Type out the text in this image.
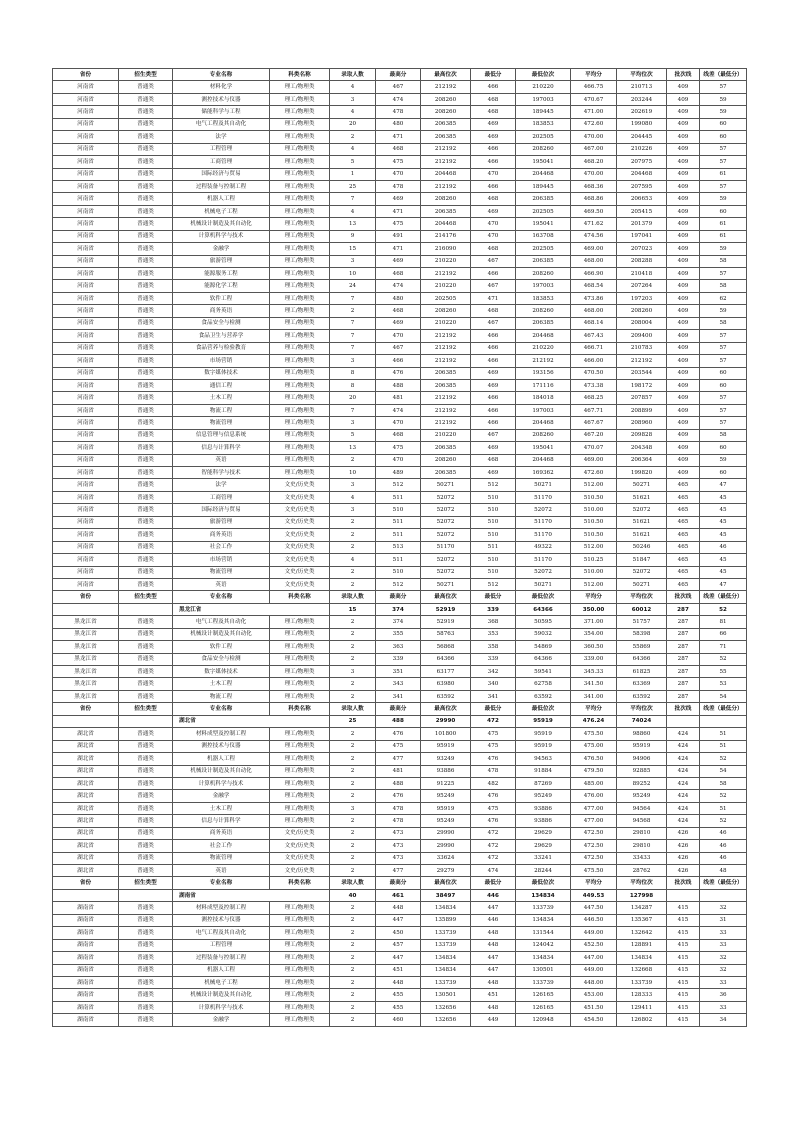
省份	招生类型	专业名称	科类名称	录取人数	最高分	最高位次	最低分	最低位次	平均分	平均位次	批次线	线差（最低分）
河南省	普通类	材料化学	理工/物理类	4	467	212192	466	210220	466.75	210713	409	57
河南省	普通类	测控技术与仪器	理工/物理类	3	474	208260	468	197003	470.67	203244	409	59
河南省	普通类	储能科学与工程	理工/物理类	4	478	208260	468	189445	471.00	202619	409	59
河南省	普通类	电气工程及其自动化	理工/物理类	20	480	206385	469	183853	472.60	199080	409	60
河南省	普通类	法学	理工/物理类	2	471	206385	469	202505	470.00	204445	409	60
河南省	普通类	工程管理	理工/物理类	4	468	212192	466	208260	467.00	210226	409	57
河南省	普通类	工商管理	理工/物理类	5	475	212192	466	195041	468.20	207975	409	57
河南省	普通类	国际经济与贸易	理工/物理类	1	470	204468	470	204468	470.00	204468	409	61
河南省	普通类	过程装备与控制工程	理工/物理类	25	478	212192	466	189445	468.36	207595	409	57
河南省	普通类	机器人工程	理工/物理类	7	469	208260	468	206385	468.86	206653	409	59
河南省	普通类	机械电子工程	理工/物理类	4	471	206385	469	202505	469.50	205415	409	60
河南省	普通类	机械设计制造及其自动化	理工/物理类	13	475	204468	470	195041	471.62	201379	409	61
河南省	普通类	计算机科学与技术	理工/物理类	9	491	214176	470	163708	474.56	197041	409	61
河南省	普通类	金融学	理工/物理类	15	471	216090	468	202505	469.00	207023	409	59
河南省	普通类	旅游管理	理工/物理类	3	469	210220	467	206385	468.00	208288	409	58
河南省	普通类	能源服务工程	理工/物理类	10	468	212192	466	208260	466.90	210418	409	57
河南省	普通类	能源化学工程	理工/物理类	24	474	210220	467	197003	468.54	207264	409	58
河南省	普通类	软件工程	理工/物理类	7	480	202505	471	183853	473.86	197203	409	62
河南省	普通类	商务英语	理工/物理类	2	468	208260	468	208260	468.00	208260	409	59
河南省	普通类	食品安全与检测	理工/物理类	7	469	210220	467	206385	468.14	208004	409	58
河南省	普通类	食品卫生与营养学	理工/物理类	7	470	212192	466	204468	467.43	209400	409	57
河南省	普通类	食品营养与检验教育	理工/物理类	7	467	212192	466	210220	466.71	210783	409	57
河南省	普通类	市场营销	理工/物理类	3	466	212192	466	212192	466.00	212192	409	57
河南省	普通类	数字媒体技术	理工/物理类	8	476	206385	469	193156	470.50	203544	409	60
河南省	普通类	通信工程	理工/物理类	8	488	206385	469	171116	473.38	198172	409	60
河南省	普通类	土木工程	理工/物理类	20	481	212192	466	184018	468.25	207857	409	57
河南省	普通类	物流工程	理工/物理类	7	474	212192	466	197003	467.71	208899	409	57
河南省	普通类	物流管理	理工/物理类	3	470	212192	466	204468	467.67	208960	409	57
河南省	普通类	信息管理与信息系统	理工/物理类	5	468	210220	467	208260	467.20	209828	409	58
河南省	普通类	信息与计算科学	理工/物理类	13	475	206385	469	195041	470.07	204348	409	60
河南省	普通类	英语	理工/物理类	2	470	208260	468	204468	469.00	206364	409	59
河南省	普通类	智能科学与技术	理工/物理类	10	489	206385	469	169362	472.60	199820	409	60
河南省	普通类	法学	文史/历史类	3	512	50271	512	50271	512.00	50271	465	47
河南省	普通类	工商管理	文史/历史类	4	511	52072	510	51170	510.50	51621	465	45
河南省	普通类	国际经济与贸易	文史/历史类	3	510	52072	510	52072	510.00	52072	465	45
河南省	普通类	旅游管理	文史/历史类	2	511	52072	510	51170	510.50	51621	465	45
河南省	普通类	商务英语	文史/历史类	2	511	52072	510	51170	510.50	51621	465	45
河南省	普通类	社会工作	文史/历史类	2	513	51170	511	49322	512.00	50246	465	46
河南省	普通类	市场营销	文史/历史类	4	511	52072	510	51170	510.25	51847	465	45
河南省	普通类	物流管理	文史/历史类	2	510	52072	510	52072	510.00	52072	465	45
河南省	普通类	英语	文史/历史类	2	512	50271	512	50271	512.00	50271	465	47
省份	招生类型	专业名称	科类名称	录取人数	最高分	最高位次	最低分	最低位次	平均分	平均位次	批次线	线差（最低分）
		黑龙江省		15	374	52919	339	64366	350.00	60012	287	52
黑龙江省	普通类	电气工程及其自动化	理工/物理类	2	374	52919	368	50595	371.00	51757	287	81
黑龙江省	普通类	机械设计制造及其自动化	理工/物理类	2	355	58763	353	59032	354.00	58398	287	66
黑龙江省	普通类	软件工程	理工/物理类	2	363	56868	358	54869	360.50	55869	287	71
黑龙江省	普通类	食品安全与检测	理工/物理类	2	339	64366	339	64366	339.00	64366	287	52
黑龙江省	普通类	数字媒体技术	理工/物理类	3	351	63177	342	59541	345.33	61825	287	55
黑龙江省	普通类	土木工程	理工/物理类	2	343	63980	340	62758	341.50	63369	287	53
黑龙江省	普通类	物流工程	理工/物理类	2	341	63592	341	63592	341.00	63592	287	54
省份	招生类型	专业名称	科类名称	录取人数	最高分	最高位次	最低分	最低位次	平均分	平均位次	批次线	线差（最低分）
		湖北省		25	488	29990	472	95919	476.24	74024		
湖北省	普通类	材料成型及控制工程	理工/物理类	2	476	101800	475	95919	475.50	98860	424	51
湖北省	普通类	测控技术与仪器	理工/物理类	2	475	95919	475	95919	475.00	95919	424	51
湖北省	普通类	机器人工程	理工/物理类	2	477	93249	476	94563	476.50	94906	424	52
湖北省	普通类	机械设计制造及其自动化	理工/物理类	2	481	93886	478	91884	479.50	92885	424	54
湖北省	普通类	计算机科学与技术	理工/物理类	2	488	91225	482	87269	485.00	89252	424	58
湖北省	普通类	金融学	理工/物理类	2	476	95249	476	95249	476.00	95249	424	52
湖北省	普通类	土木工程	理工/物理类	3	478	95919	475	93886	477.00	94564	424	51
湖北省	普通类	信息与计算科学	理工/物理类	2	478	95249	476	93886	477.00	94568	424	52
湖北省	普通类	商务英语	文史/历史类	2	473	29990	472	29629	472.50	29810	426	46
湖北省	普通类	社会工作	文史/历史类	2	473	29990	472	29629	472.50	29810	426	46
湖北省	普通类	物流管理	文史/历史类	2	473	33624	472	33241	472.50	33433	426	46
湖北省	普通类	英语	文史/历史类	2	477	29279	474	28244	475.50	28762	426	48
省份	招生类型	专业名称	科类名称	录取人数	最高分	最高位次	最低分	最低位次	平均分	平均位次	批次线	线差（最低分）
		湖南省		40	461	38497	446	134834	449.53	127998		
湖南省	普通类	材料成型及控制工程	理工/物理类	2	448	134834	447	133739	447.50	134287	415	32
湖南省	普通类	测控技术与仪器	理工/物理类	2	447	135899	446	134834	446.50	135367	415	31
湖南省	普通类	电气工程及其自动化	理工/物理类	2	450	133739	448	131544	449.00	132642	415	33
湖南省	普通类	工程管理	理工/物理类	2	457	133739	448	124042	452.50	128891	415	33
湖南省	普通类	过程装备与控制工程	理工/物理类	2	447	134834	447	134834	447.00	134834	415	32
湖南省	普通类	机器人工程	理工/物理类	2	451	134834	447	130501	449.00	132668	415	32
湖南省	普通类	机械电子工程	理工/物理类	2	448	133739	448	133739	448.00	133739	415	33
湖南省	普通类	机械设计制造及其自动化	理工/物理类	2	455	130501	451	126165	453.00	128333	415	36
湖南省	普通类	计算机科学与技术	理工/物理类	2	455	132656	448	126165	451.50	129411	415	33
湖南省	普通类	金融学	理工/物理类	2	460	132656	449	120948	454.50	126802	415	34
